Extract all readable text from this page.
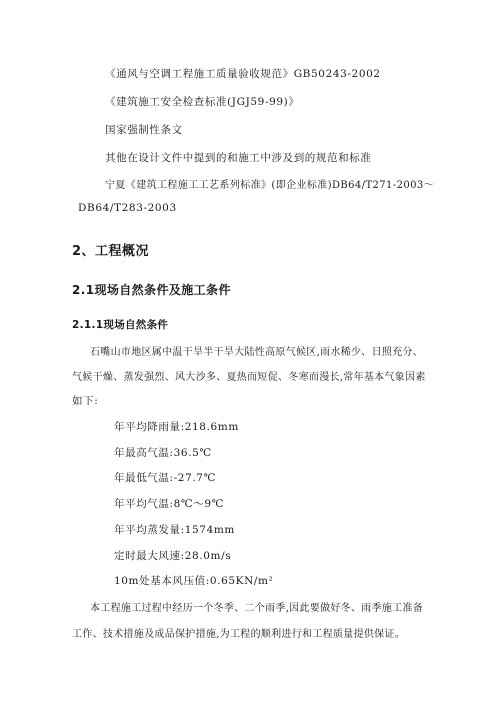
《通风与空调工程施工质量验收规范》GB50243-2002
《建筑施工安全检查标准(JGJ59-99)》
国家强制性条文
其他在设计文件中提到的和施工中涉及到的规范和标准
宁夏《建筑工程施工工艺系列标准》(即企业标准)DB64/T271-2003～
DB64/T283-2003
2、工程概况
2.1现场自然条件及施工条件
2.1.1现场自然条件
石嘴山市地区属中温干旱半干旱大陆性高原气候区,雨水稀少、日照充分、
气候干燥、蒸发强烈、风大沙多、夏热而短促、冬寒而漫长,常年基本气象因素
如下:
年平均降雨量:218.6mm
年最高气温:36.5℃
年最低气温:-27.7℃
年平均气温:8℃～9℃
年平均蒸发量:1574mm
定时最大风速:28.0m/s
10m处基本风压值:0.65KN/m²
本工程施工过程中经历一个冬季、二个雨季,因此要做好冬、雨季施工准备
工作、技术措施及成品保护措施,为工程的顺利进行和工程质量提供保证。
